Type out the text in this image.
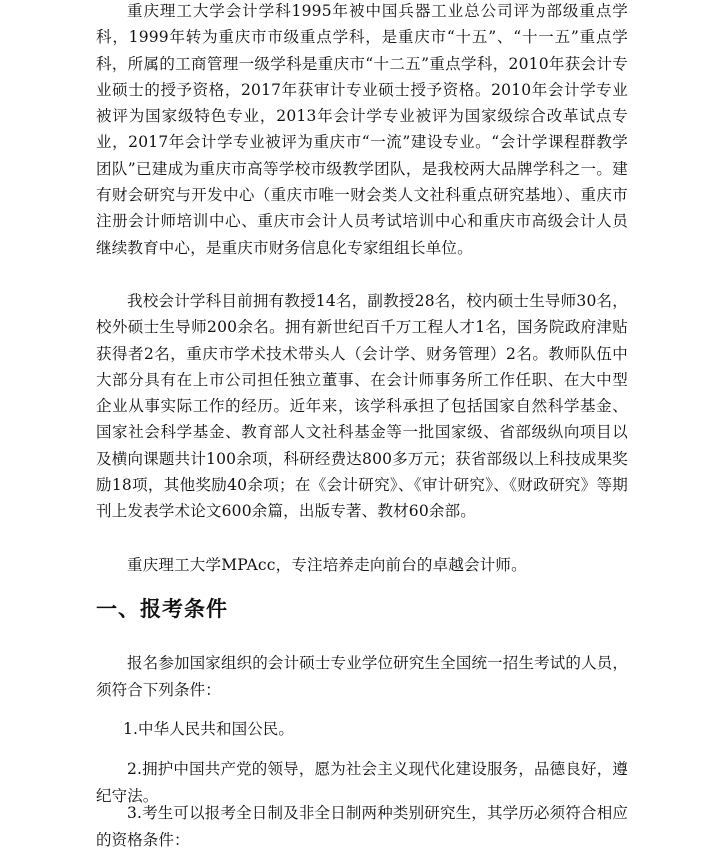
重庆理工大学会计学科1995年被中国兵器工业总公司评为部级重点学科，1999年转为重庆市市级重点学科，是重庆市“十五”、“十一五”重点学科，所属的工商管理一级学科是重庆市“十二五”重点学科，2010年获会计专业硕士的授予资格，2017年获审计专业硕士授予资格。2010年会计学专业被评为国家级特色专业，2013年会计学专业被评为国家级综合改革试点专业，2017年会计学专业被评为重庆市“一流”建设专业。“会计学课程群教学团队”已建成为重庆市高等学校市级教学团队，是我校两大品牌学科之一。建有财会研究与开发中心（重庆市唯一财会类人文社科重点研究基地）、重庆市注册会计师培训中心、重庆市会计人员考试培训中心和重庆市高级会计人员继续教育中心，是重庆市财务信息化专家组组长单位。

我校会计学科目前拥有教授14名，副教授28名，校内硕士生导师30名，校外硕士生导师200余名。拥有新世纪百千万工程人才1名，国务院政府津贴获得者2名，重庆市学术技术带头人（会计学、财务管理）2名。教师队伍中大部分具有在上市公司担任独立董事、在会计师事务所工作任职、在大中型企业从事实际工作的经历。近年来，该学科承担了包括国家自然科学基金、国家社会科学基金、教育部人文社科基金等一批国家级、省部级纵向项目以及横向课题共计100余项，科研经费达800多万元；获省部级以上科技成果奖励18项，其他奖励40余项；在《会计研究》、《审计研究》、《财政研究》等期刊上发表学术论文600余篇，出版专著、教材60余部。

重庆理工大学MPAcc，专注培养走向前台的卓越会计师。

一、报考条件

报名参加国家组织的会计硕士专业学位研究生全国统一招生考试的人员，须符合下列条件：

1.中华人民共和国公民。

2.拥护中国共产党的领导，愿为社会主义现代化建设服务，品德良好，遵纪守法。

3.考生可以报考全日制及非全日制两种类别研究生，其学历必须符合相应的资格条件：
